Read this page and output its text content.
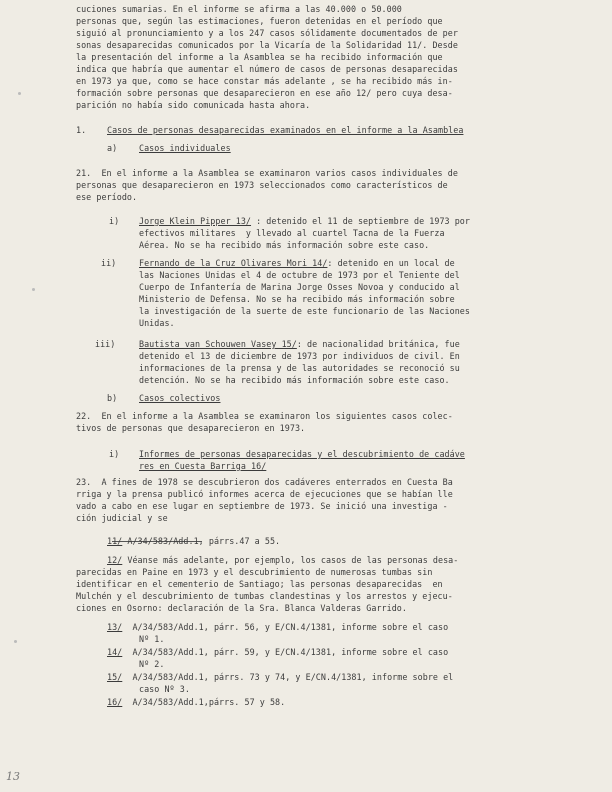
cuciones sumarias. En el informe se afirma a las 40.000 o 50.000
personas que, según las estimaciones, fueron detenidas en el período que
siguió al pronunciamiento y a los 247 casos sólidamente documentados de per
sonas desaparecidas comunicados por la Vicaría de la Solidaridad 11/. Desde
la presentación del informe a la Asamblea se ha recibido información que
indica que habría que aumentar el número de casos de personas desaparecidas
en 1973 ya que, como se hace constar más adelante , se ha recibido más in-
formación sobre personas que desaparecieron en ese año 12/ pero cuya desa-
parición no había sido comunicada hasta ahora.
1. Casos de personas desaparecidas examinados en el informe a la Asamblea
a)	Casos individuales
21.  En el informe a la Asamblea se examinaron varios casos individuales de
personas que desaparecieron en 1973 seleccionados como característicos de
ese período.
i) Jorge Klein Pipper 13/ : detenido el 11 de septiembre de 1973 por
efectivos militares  y llevado al cuartel Tacna de la Fuerza
Aérea. No se ha recibido más información sobre este caso.
ii)	Fernando de la Cruz Olivares Mori 14/: detenido en un local de
las Naciones Unidas el 4 de octubre de 1973 por el Teniente del
Cuerpo de Infantería de Marina Jorge Osses Novoa y conducido al
Ministerio de Defensa. No se ha recibido más información sobre
la investigación de la suerte de este funcionario de las Naciones
Unidas.
iii)	Bautista van Schouwen Vasey 15/: de nacionalidad británica, fue
detenido el 13 de diciembre de 1973 por individuos de civil. En
informaciones de la prensa y de las autoridades se reconoció su
detención. No se ha recibido más información sobre este caso.
b)	Casos colectivos
22.  En el informe a la Asamblea se examinaron los siguientes casos colec-
tivos de personas que desaparecieron en 1973.
i) Informes de personas desaparecidas y el descubrimiento de cadáve
res en Cuesta Barriga 16/
23.  A fines de 1978 se descubrieron dos cadáveres enterrados en Cuesta Ba
rriga y la prensa publicó informes acerca de ejecuciones que se habían lle
vado a cabo en ese lugar en septiembre de 1973. Se inició una investiga -
ción judicial y se
11/ A/34/583/Add.1, párrs.47 a 55.
12/ Véanse más adelante, por ejemplo, los casos de las personas desa-
parecidas en Paine en 1973 y el descubrimiento de numerosas tumbas sin
identificar en el cementerio de Santiago; las personas desaparecidas  en
Mulchén y el descubrimiento de tumbas clandestinas y los arrestos y ejecu-
ciones en Osorno: declaración de la Sra. Blanca Valderas Garrido.
13/ A/34/583/Add.1, párr. 56, y E/CN.4/1381, informe sobre el caso
Nº 1.
14/ A/34/583/Add.1, párr. 59, y E/CN.4/1381, informe sobre el caso
Nº 2.
15/ A/34/583/Add.1, párrs. 73 y 74, y E/CN.4/1381, informe sobre el
caso Nº 3.
16/ A/34/583/Add.1,párrs. 57 y 58.
13
